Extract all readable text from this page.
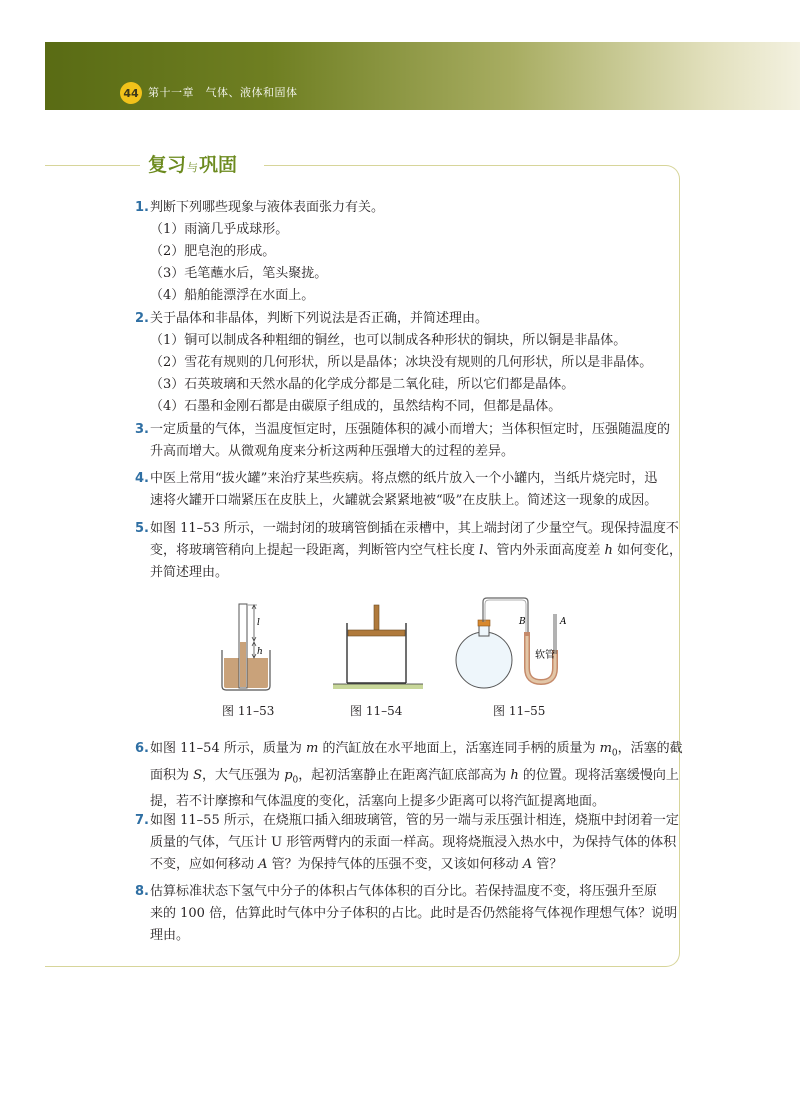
44 第十一章　气体、液体和固体
复习与巩固
1.判断下列哪些现象与液体表面张力有关。
（1）雨滴几乎成球形。
（2）肥皂泡的形成。
（3）毛笔蘸水后，笔头聚拢。
（4）船舶能漂浮在水面上。
2.关于晶体和非晶体，判断下列说法是否正确，并简述理由。
（1）铜可以制成各种粗细的铜丝，也可以制成各种形状的铜块，所以铜是非晶体。
（2）雪花有规则的几何形状，所以是晶体；冰块没有规则的几何形状，所以是非晶体。
（3）石英玻璃和天然水晶的化学成分都是二氧化硅，所以它们都是晶体。
（4）石墨和金刚石都是由碳原子组成的，虽然结构不同，但都是晶体。
3.一定质量的气体，当温度恒定时，压强随体积的减小而增大；当体积恒定时，压强随温度的
升高而增大。从微观角度来分析这两种压强增大的过程的差异。
4.中医上常用“拔火罐”来治疗某些疾病。将点燃的纸片放入一个小罐内，当纸片烧完时，迅
速将火罐开口端紧压在皮肤上，火罐就会紧紧地被“吸”在皮肤上。简述这一现象的成因。
5.如图 11–53 所示，一端封闭的玻璃管倒插在汞槽中，其上端封闭了少量空气。现保持温度不
变，将玻璃管稍向上提起一段距离，判断管内空气柱长度 l、管内外汞面高度差 h 如何变化，
并简述理由。
l
h
图 11–53	图 11–54
B	A
软管
图 11–55
6.如图 11–54 所示，质量为 m 的汽缸放在水平地面上，活塞连同手柄的质量为 $m_0$，活塞的截
面积为 S，大气压强为 $p_0$，起初活塞静止在距离汽缸底部高为 h 的位置。现将活塞缓慢向上
提，若不计摩擦和气体温度的变化，活塞向上提多少距离可以将汽缸提离地面。
7.如图 11–55 所示，在烧瓶口插入细玻璃管，管的另一端与汞压强计相连，烧瓶中封闭着一定
质量的气体，气压计 U 形管两臂内的汞面一样高。现将烧瓶浸入热水中，为保持气体的体积
不变，应如何移动 A 管？为保持气体的压强不变，又该如何移动 A 管？
8.估算标准状态下氢气中分子的体积占气体体积的百分比。若保持温度不变，将压强升至原
来的 100 倍，估算此时气体中分子体积的占比。此时是否仍然能将气体视作理想气体？说明
理由。
